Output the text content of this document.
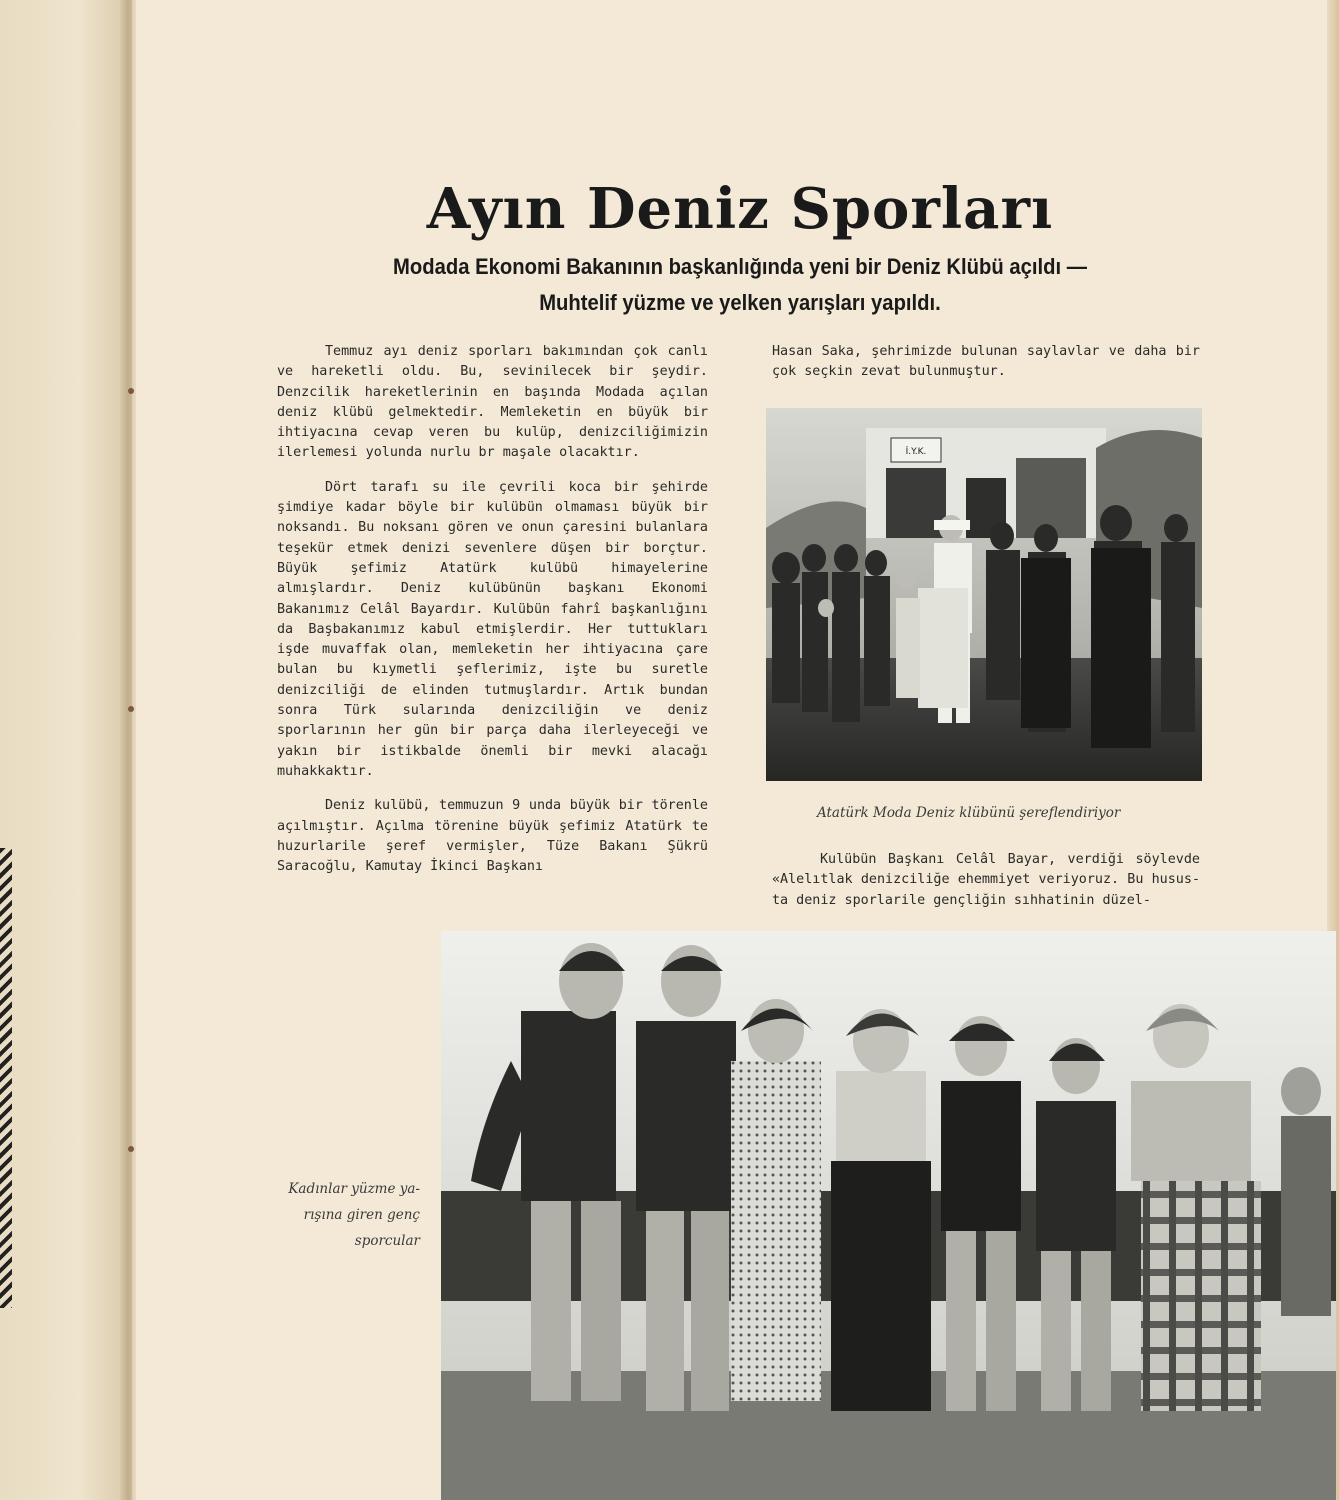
Ayın Deniz Sporları
Modada Ekonomi Bakanının başkanlığında yeni bir Deniz Klübü açıldı —
Muhtelif yüzme ve yelken yarışları yapıldı.

Temmuz ayı deniz sporları bakımından çok canlı ve hareketli oldu. Bu, sevinilecek bir şeydir. Denzcilik hareketlerinin en başında Modada açılan deniz klübü gelmektedir. Memleketin en büyük bir ihtiyacına cevap veren bu kulüp, denizciliğimizin ilerlemesi yolunda nurlu br maşale olacaktır.

Dört tarafı su ile çevrili koca bir şehirde şimdiye kadar böyle bir kulübün olmaması büyük bir noksandı. Bu noksanı gören ve onun çaresini bulanlara teşekür etmek denizi sevenlere düşen bir borçtur. Büyük şefimiz Atatürk kulübü himayelerine almışlardır. Deniz kulübünün başkanı Ekonomi Bakanımız Celâl Bayardır. Kulübün fahrî başkanlığını da Başbakanımız kabul etmişlerdir. Her tuttukları işde muvaffak olan, memleketin her ihtiyacına çare bulan bu kıymetli şeflerimiz, işte bu suretle denizciliği de elinden tutmuşlardır. Artık bundan sonra Türk sularında denizciliğin ve deniz sporlarının her gün bir parça daha ilerleyeceği ve yakın bir istikbalde önemli bir mevki alacağı muhakkaktır.

Deniz kulübü, temmuzun 9 unda büyük bir törenle açılmıştır. Açılma törenine büyük şefimiz Atatürk te huzurlarile şeref vermişler, Tüze Bakanı Şükrü Saracoğlu, Kamutay İkinci Başkanı

Hasan Saka, şehrimizde bulunan saylavlar ve daha bir çok seçkin zevat bulunmuştur.
İ.Y.K.
Atatürk Moda Deniz klübünü şereflendiriyor

Kulübün Başkanı Celâl Bayar, verdiği söylevde «Alelıtlak denizciliğe ehemmiyet veriyoruz. Bu hususta deniz sporlarile gençliğin sıhhatinin düzel-

Kadınlar yüzme ya-
rışına giren genç
sporcular
